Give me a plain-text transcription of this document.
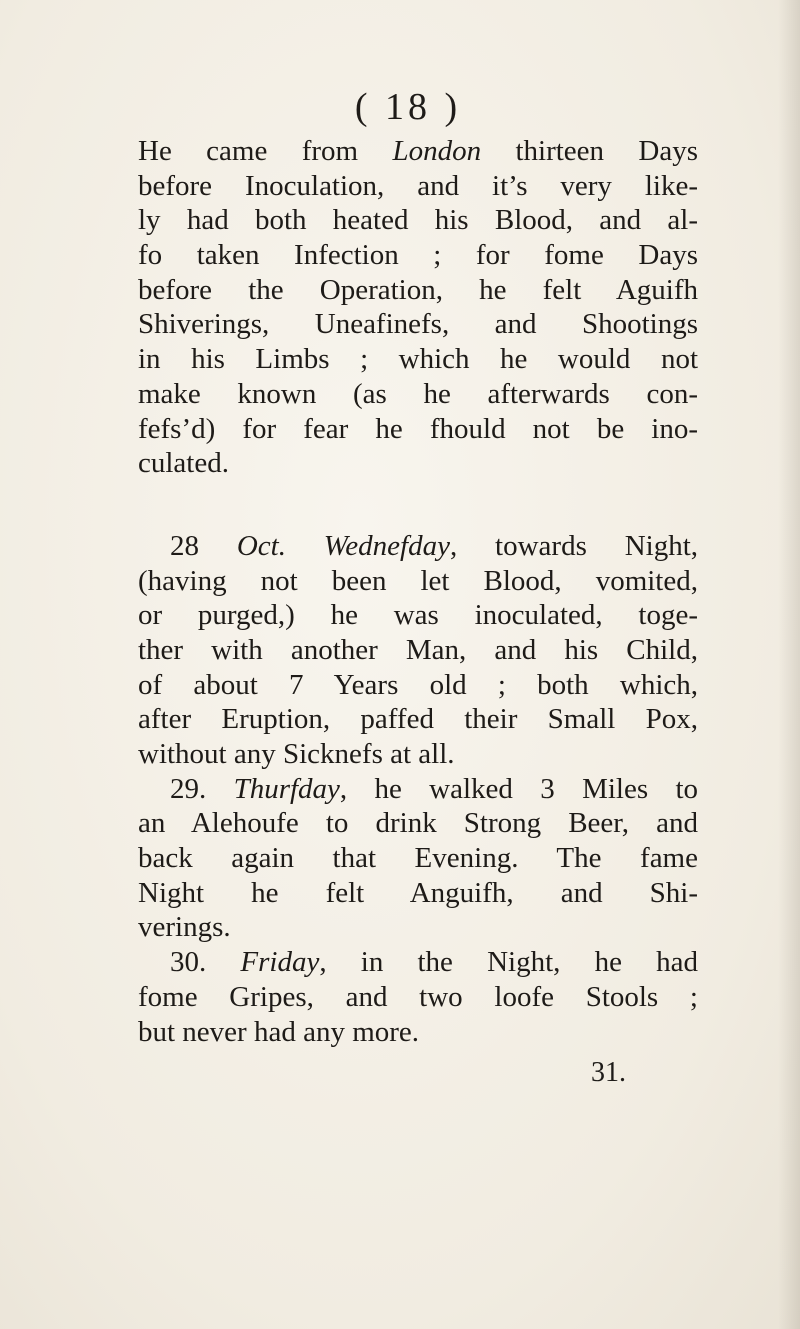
( 18 )
He came from London thirteen Days
before Inoculation, and it’s very like-
ly had both heated his Blood, and al-
fo taken Infection ; for fome Days
before the Operation, he felt Aguifh
Shiverings, Uneafinefs, and Shootings
in his Limbs ; which he would not
make known (as he afterwards con-
fefs’d) for fear he fhould not be ino-
culated.
28 Oct. Wednefday, towards Night,
(having not been let Blood, vomited,
or purged,) he was inoculated, toge-
ther with another Man, and his Child,
of about 7 Years old ; both which,
after Eruption, paffed their Small Pox,
without any Sicknefs at all.
29. Thurfday, he walked 3 Miles to
an Alehoufe to drink Strong Beer, and
back again that Evening. The fame
Night he felt Anguifh, and Shi-
verings.
30. Friday, in the Night, he had
fome Gripes, and two loofe Stools ;
but never had any more.
31.
